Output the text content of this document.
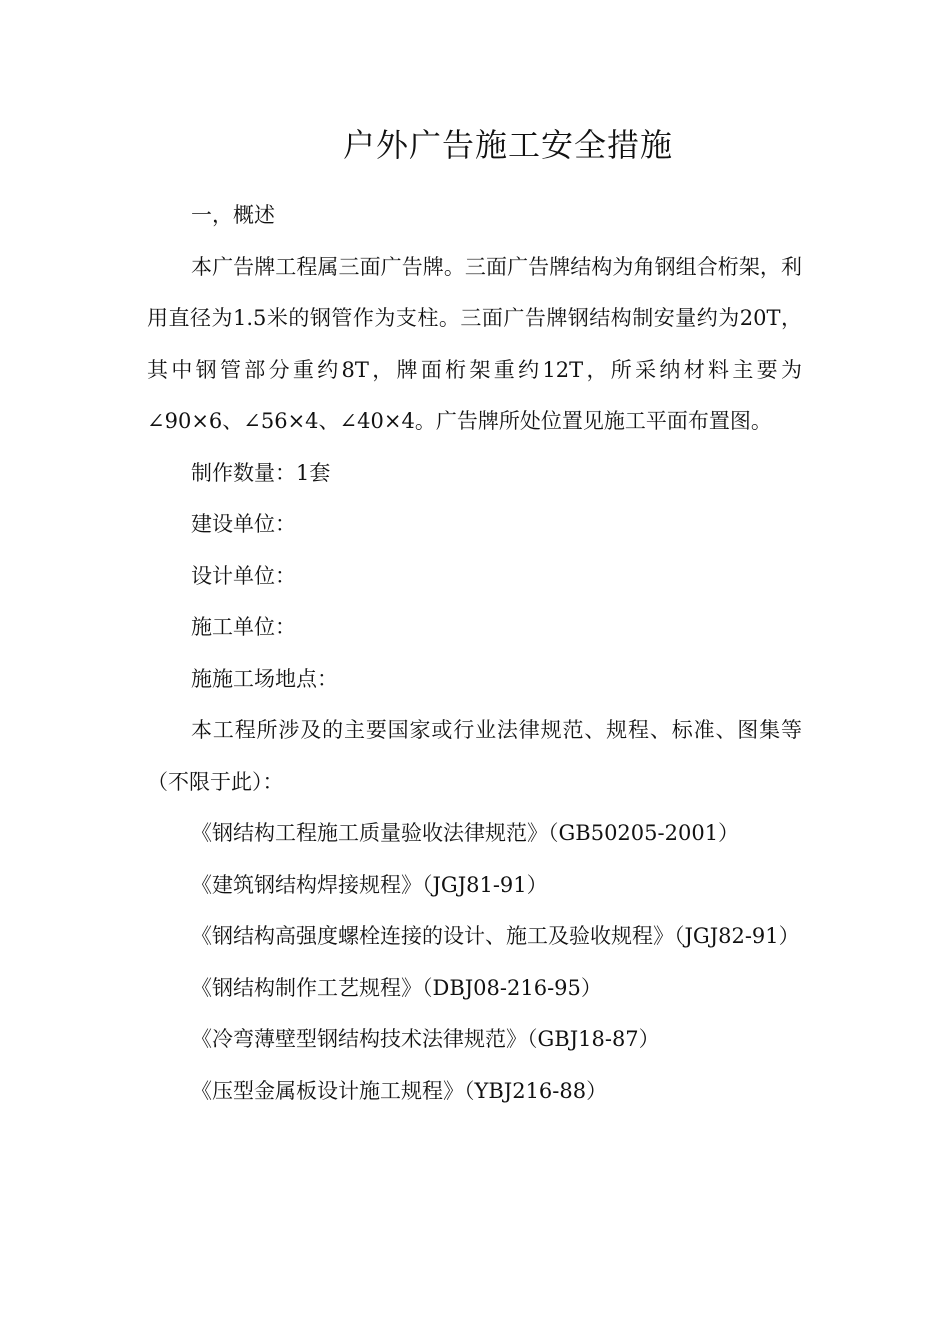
户外广告施工安全措施

一，概述

本广告牌工程属三面广告牌。三面广告牌结构为角钢组合桁架，利用直径为1.5米的钢管作为支柱。三面广告牌钢结构制安量约为20T，其中钢管部分重约8T，牌面桁架重约12T，所采纳材料主要为∠90×6、∠56×4、∠40×4。广告牌所处位置见施工平面布置图。

制作数量：1套

建设单位：

设计单位：

施工单位：

施施工场地点：

本工程所涉及的主要国家或行业法律规范、规程、标准、图集等（不限于此）：

《钢结构工程施工质量验收法律规范》（GB50205-2001）

《建筑钢结构焊接规程》（JGJ81-91）

《钢结构高强度螺栓连接的设计、施工及验收规程》（JGJ82-91）

《钢结构制作工艺规程》（DBJ08-216-95）

《冷弯薄壁型钢结构技术法律规范》（GBJ18-87）

《压型金属板设计施工规程》（YBJ216-88）
